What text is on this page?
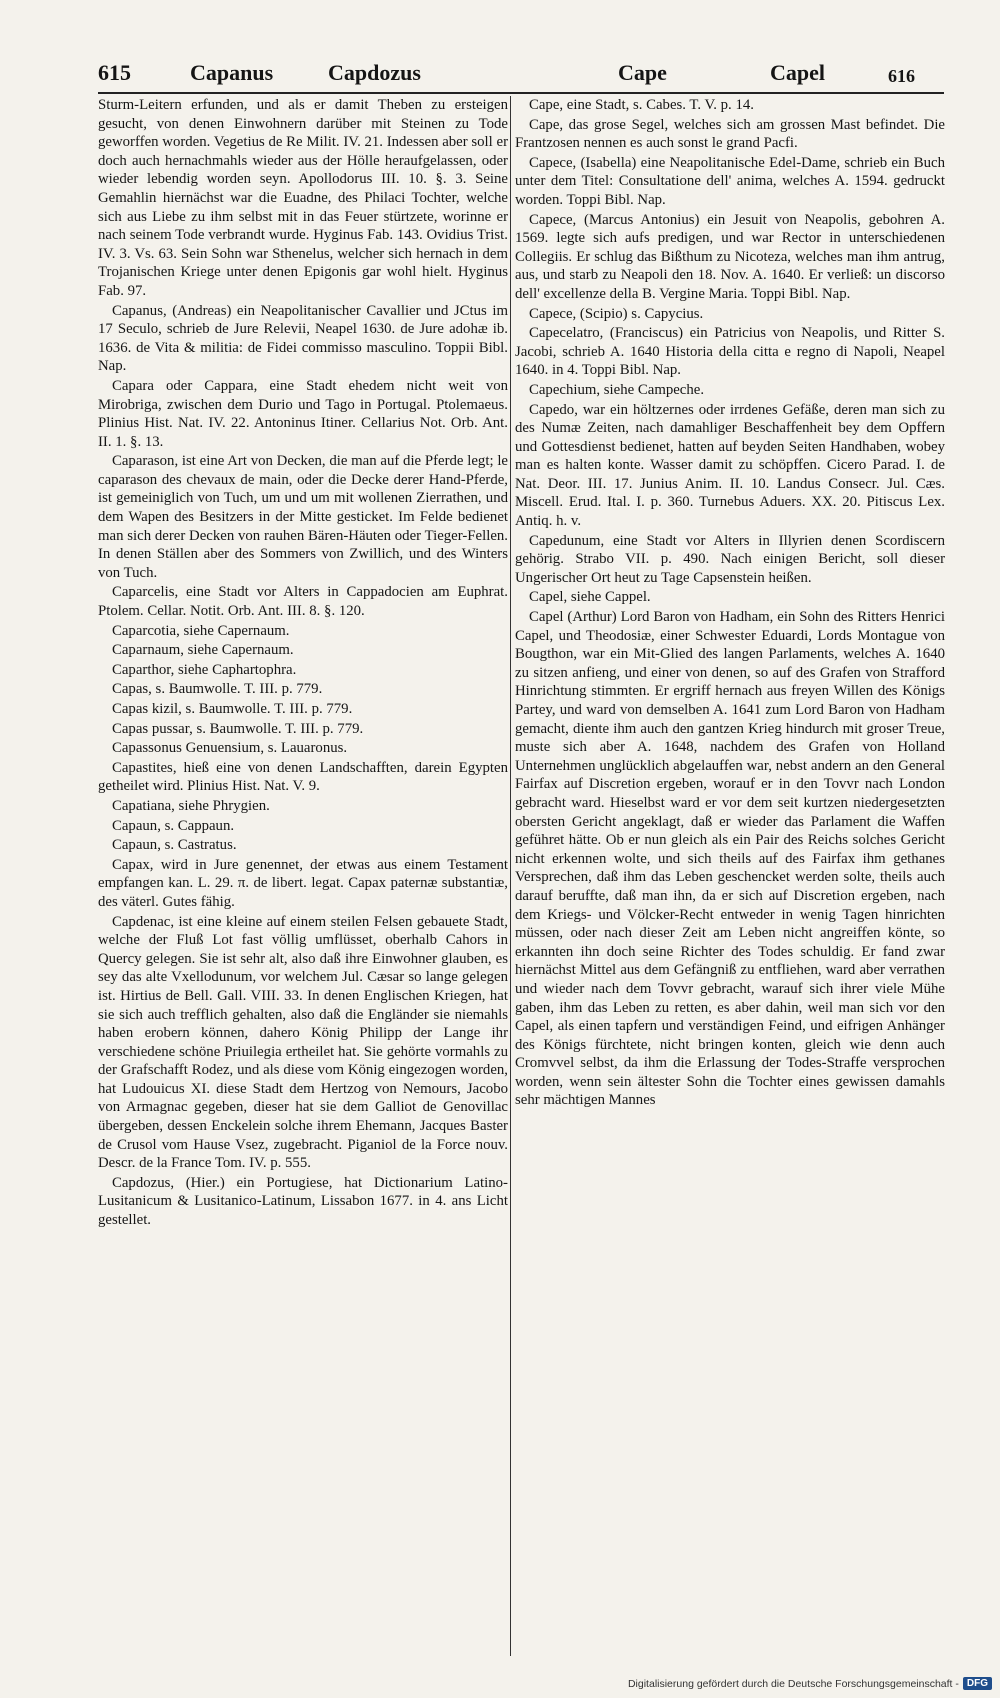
615	Capanus Capdozus	Cape	Capel	616

Sturm-Leitern erfunden, und als er damit Theben zu ersteigen gesucht, von denen Einwohnern darüber mit Steinen zu Tode geworffen worden. Vegetius de Re Milit. IV. 21. Indessen aber soll er doch auch hernachmahls wieder aus der Hölle heraufgelassen, oder wieder lebendig worden seyn. Apollodorus III. 10. §. 3. Seine Gemahlin hiernächst war die Euadne, des Philaci Tochter, welche sich aus Liebe zu ihm selbst mit in das Feuer stürtzete, worinne er nach seinem Tode verbrandt wurde. Hyginus Fab. 143. Ovidius Trist. IV. 3. Vs. 63. Sein Sohn war Sthenelus, welcher sich hernach in dem Trojanischen Kriege unter denen Epigonis gar wohl hielt. Hyginus Fab. 97.

Capanus, (Andreas) ein Neapolitanischer Cavallier und JCtus im 17 Seculo, schrieb de Jure Relevii, Neapel 1630. de Jure adohæ ib. 1636. de Vita & militia: de Fidei commisso masculino. Toppii Bibl. Nap.

Capara oder Cappara, eine Stadt ehedem nicht weit von Mirobriga, zwischen dem Durio und Tago in Portugal. Ptolemaeus. Plinius Hist. Nat. IV. 22. Antoninus Itiner. Cellarius Not. Orb. Ant. II. 1. §. 13.

Caparason, ist eine Art von Decken, die man auf die Pferde legt; le caparason des chevaux de main, oder die Decke derer Hand-Pferde, ist gemeiniglich von Tuch, um und um mit wollenen Zierrathen, und dem Wapen des Besitzers in der Mitte gesticket. Im Felde bedienet man sich derer Decken von rauhen Bären-Häuten oder Tieger-Fellen. In denen Ställen aber des Sommers von Zwillich, und des Winters von Tuch.

Caparcelis, eine Stadt vor Alters in Cappadocien am Euphrat. Ptolem. Cellar. Notit. Orb. Ant. III. 8. §. 120.

Caparcotia, siehe Capernaum.

Caparnaum, siehe Capernaum.

Caparthor, siehe Caphartophra.

Capas, s. Baumwolle. T. III. p. 779.

Capas kizil, s. Baumwolle. T. III. p. 779.

Capas pussar, s. Baumwolle. T. III. p. 779.

Capassonus Genuensium, s. Lauaronus.

Capastites, hieß eine von denen Landschafften, darein Egypten getheilet wird. Plinius Hist. Nat. V. 9.

Capatiana, siehe Phrygien.

Capaun, s. Cappaun.

Capaun, s. Castratus.

Capax, wird in Jure genennet, der etwas aus einem Testament empfangen kan. L. 29. π. de libert. legat. Capax paternæ substantiæ, des väterl. Gutes fähig.

Capdenac, ist eine kleine auf einem steilen Felsen gebauete Stadt, welche der Fluß Lot fast völlig umflüsset, oberhalb Cahors in Quercy gelegen. Sie ist sehr alt, also daß ihre Einwohner glauben, es sey das alte Vxellodunum, vor welchem Jul. Cæsar so lange gelegen ist. Hirtius de Bell. Gall. VIII. 33. In denen Englischen Kriegen, hat sie sich auch trefflich gehalten, also daß die Engländer sie niemahls haben erobern können, dahero König Philipp der Lange ihr verschiedene schöne Priuilegia ertheilet hat. Sie gehörte vormahls zu der Grafschafft Rodez, und als diese vom König eingezogen worden, hat Ludouicus XI. diese Stadt dem Hertzog von Nemours, Jacobo von Armagnac gegeben, dieser hat sie dem Galliot de Genovillac übergeben, dessen Enckelein solche ihrem Ehemann, Jacques Baster de Crusol vom Hause Vsez, zugebracht. Piganiol de la Force nouv. Descr. de la France Tom. IV. p. 555.

Capdozus, (Hier.) ein Portugiese, hat Dictionarium Latino-Lusitanicum & Lusitanico-Latinum, Lissabon 1677. in 4. ans Licht gestellet.

Cape, eine Stadt, s. Cabes. T. V. p. 14.

Cape, das grose Segel, welches sich am grossen Mast befindet. Die Frantzosen nennen es auch sonst le grand Pacfi.

Capece, (Isabella) eine Neapolitanische Edel-Dame, schrieb ein Buch unter dem Titel: Consultatione dell' anima, welches A. 1594. gedruckt worden. Toppi Bibl. Nap.

Capece, (Marcus Antonius) ein Jesuit von Neapolis, gebohren A. 1569. legte sich aufs predigen, und war Rector in unterschiedenen Collegiis. Er schlug das Bißthum zu Nicoteza, welches man ihm antrug, aus, und starb zu Neapoli den 18. Nov. A. 1640. Er verließ: un discorso dell' excellenze della B. Vergine Maria. Toppi Bibl. Nap.

Capece, (Scipio) s. Capycius.

Capecelatro, (Franciscus) ein Patricius von Neapolis, und Ritter S. Jacobi, schrieb A. 1640 Historia della citta e regno di Napoli, Neapel 1640. in 4. Toppi Bibl. Nap.

Capechium, siehe Campeche.

Capedo, war ein höltzernes oder irrdenes Gefäße, deren man sich zu des Numæ Zeiten, nach damahliger Beschaffenheit bey dem Opffern und Gottesdienst bedienet, hatten auf beyden Seiten Handhaben, wobey man es halten konte. Wasser damit zu schöpffen. Cicero Parad. I. de Nat. Deor. III. 17. Junius Anim. II. 10. Landus Consecr. Jul. Cæs. Miscell. Erud. Ital. I. p. 360. Turnebus Aduers. XX. 20. Pitiscus Lex. Antiq. h. v.

Capedunum, eine Stadt vor Alters in Illyrien denen Scordiscern gehörig. Strabo VII. p. 490. Nach einigen Bericht, soll dieser Ungerischer Ort heut zu Tage Capsenstein heißen.

Capel, siehe Cappel.

Capel (Arthur) Lord Baron von Hadham, ein Sohn des Ritters Henrici Capel, und Theodosiæ, einer Schwester Eduardi, Lords Montague von Bougthon, war ein Mit-Glied des langen Parlaments, welches A. 1640 zu sitzen anfieng, und einer von denen, so auf des Grafen von Strafford Hinrichtung stimmten. Er ergriff hernach aus freyen Willen des Königs Partey, und ward von demselben A. 1641 zum Lord Baron von Hadham gemacht, diente ihm auch den gantzen Krieg hindurch mit groser Treue, muste sich aber A. 1648, nachdem des Grafen von Holland Unternehmen unglücklich abgelauffen war, nebst andern an den General Fairfax auf Discretion ergeben, worauf er in den Tovvr nach London gebracht ward. Hieselbst ward er vor dem seit kurtzen niedergesetzten obersten Gericht angeklagt, daß er wieder das Parlament die Waffen geführet hätte. Ob er nun gleich als ein Pair des Reichs solches Gericht nicht erkennen wolte, und sich theils auf des Fairfax ihm gethanes Versprechen, daß ihm das Leben geschencket werden solte, theils auch darauf beruffte, daß man ihn, da er sich auf Discretion ergeben, nach dem Kriegs- und Völcker-Recht entweder in wenig Tagen hinrichten müssen, oder nach dieser Zeit am Leben nicht angreiffen könte, so erkannten ihn doch seine Richter des Todes schuldig. Er fand zwar hiernächst Mittel aus dem Gefängniß zu entfliehen, ward aber verrathen und wieder nach dem Tovvr gebracht, warauf sich ihrer viele Mühe gaben, ihm das Leben zu retten, es aber dahin, weil man sich vor den Capel, als einen tapfern und verständigen Feind, und eifrigen Anhänger des Königs fürchtete, nicht bringen konten, gleich wie denn auch Cromvvel selbst, da ihm die Erlassung der Todes-Straffe versprochen worden, wenn sein ältester Sohn die Tochter eines gewissen damahls sehr mächtigen Mannes

Digitalisierung gefördert durch die Deutsche Forschungsgemeinschaft - DFG
